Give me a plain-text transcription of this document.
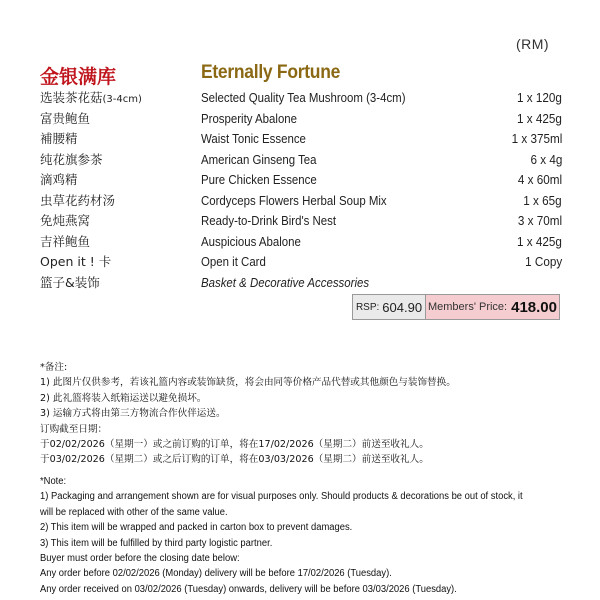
(RM)
金银满库	Eternally Fortune
选装茶花菇(3-4cm)	Selected Quality Tea Mushroom (3-4cm)	1 x 120g
富贵鲍鱼	Prosperity Abalone	1 x 425g
補腰精	Waist Tonic Essence	1 x 375ml
纯花旗参茶	American Ginseng Tea	6 x 4g
滴鸡精	Pure Chicken Essence	4 x 60ml
虫草花药材汤	Cordyceps Flowers Herbal Soup Mix	1 x 65g
免炖燕窝	Ready-to-Drink Bird's Nest	3 x 70ml
吉祥鲍鱼	Auspicious Abalone	1 x 425g
Open it ! 卡	Open it Card	1 Copy
篮子&装饰	Basket & Decorative Accessories
RSP: 604.90 Members' Price: 418.00
*备注:
1) 此图片仅供参考，若该礼篮内容或装饰缺货，将会由同等价格产品代替或其他颜色与装饰替换。
2) 此礼篮将装入纸箱运送以避免损坏。
3) 运输方式将由第三方物流合作伙伴运送。
订购截至日期：
于02/02/2026（星期一）或之前订购的订单，将在17/02/2026（星期二）前送至收礼人。
于03/02/2026（星期二）或之后订购的订单，将在03/03/2026（星期二）前送至收礼人。
*Note:
1) Packaging and arrangement shown are for visual purposes only. Should products & decorations be out of stock, it
will be replaced with other of the same value.
2) This item will be wrapped and packed in carton box to prevent damages.
3) This item will be fulfilled by third party logistic partner.
Buyer must order before the closing date below:
Any order before 02/02/2026 (Monday) delivery will be before 17/02/2026 (Tuesday).
Any order received on 03/02/2026 (Tuesday) onwards, delivery will be before 03/03/2026 (Tuesday).
